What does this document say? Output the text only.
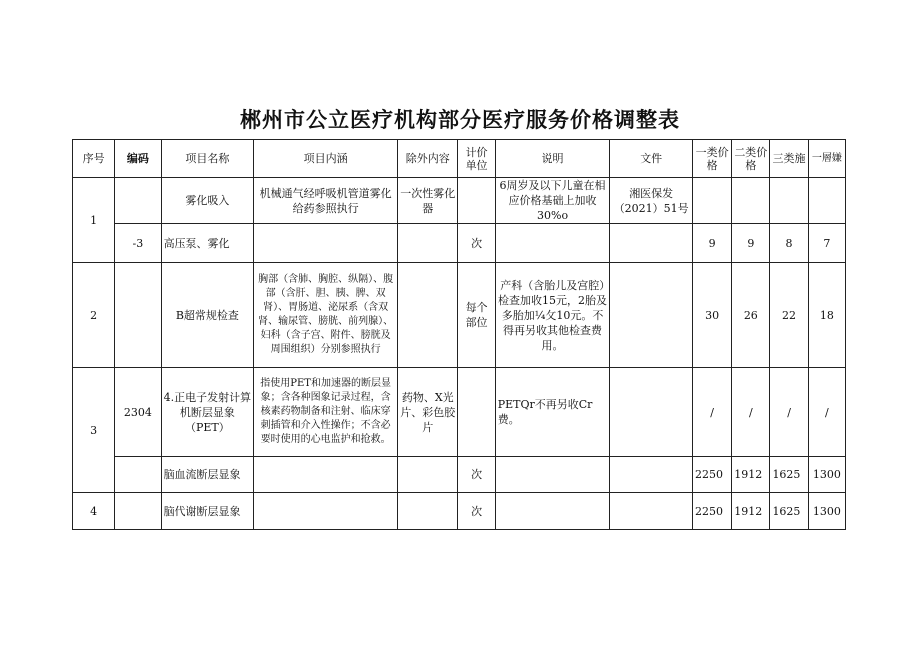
郴州市公立医疗机构部分医疗服务价格调整表
序号	编码	项目名称	项目内涵	除外内容	计价单位	说明	文件	一类价格	二类价格	三类施	一層嫌
1		雾化吸入	机械通气经呼吸机管道雾化给药参照执行	一次性雾化器		6周岁及以下儿童在相应价格基础上加收30%o	湘医保发（2021）51号				
	-3	高压泵、雾化			次			9	9	8	7
2		B超常规检查	胸部（含肺、胸腔、纵隔）、腹部（含肝、胆、胰、脾、双肾）、胃肠道、泌尿系（含双肾、输尿管、膀胱、前列腺）、妇科（含子宫、附件、膀胱及周围组织）分别参照执行		每个部位	产科（含胎儿及宫腔）检查加收15元，2胎及多胎加¼攵10元。不得再另收其他检查费用。		30	26	22	18
3	2304	4.正电子发射计算机断层显象（PET）	指使用PET和加速器的断层显象；含各种图象记录过程，含核素药物制备和注射、临床穿刺插管和介入性操作；不含必要时使用的心电监护和抢救。	药物、X光片、彩色胶片		PETQr不再另收Cr费。		/	/	/	/
		脑血流断层显象			次			2250	1912	1625	1300
4		脑代谢断层显象			次			2250	1912	1625	1300
